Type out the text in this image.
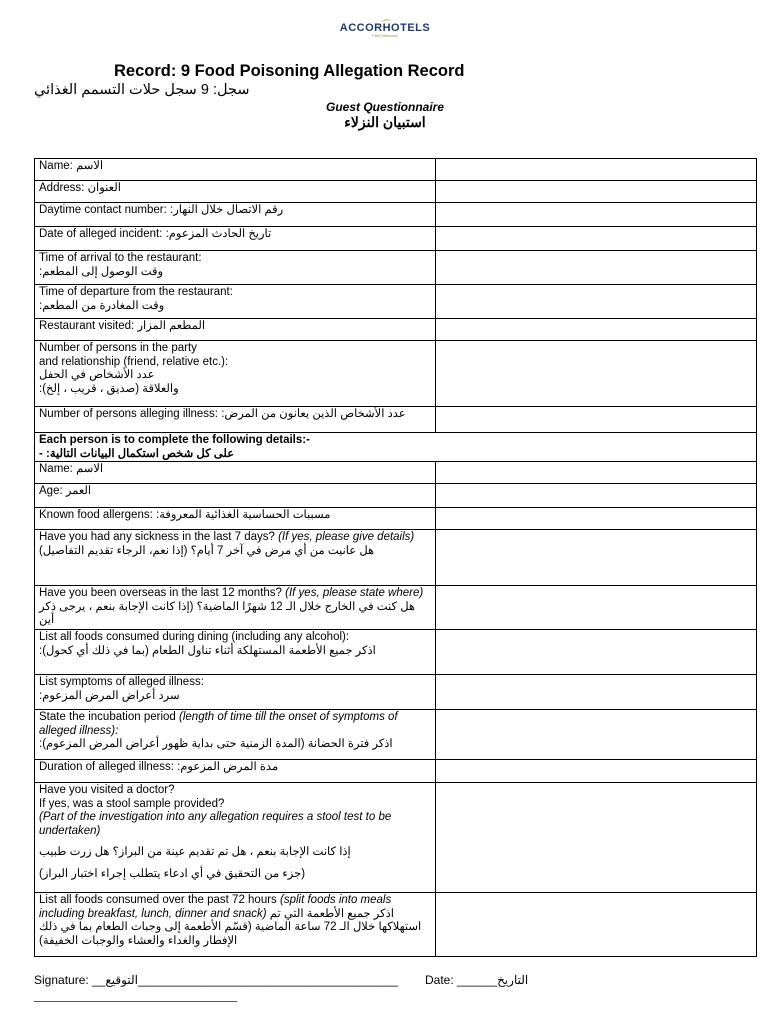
ACCORHOTELS
Feel Welcome
Record: 9 Food Poisoning Allegation Record
سجل: 9 سجل حلات التسمم الغذائي
Guest Questionnaire
استبيان النزلاء
Name: الاسم	
Address: العنوان	
Daytime contact number: رقم الاتصال خلال النهار:	
Date of alleged incident: تاريخ الحادث المزعوم:	

Time of arrival to the restaurant:
وقت الوصول إلى المطعم:	

Time of departure from the restaurant:
وقت المغادرة من المطعم:	

Restaurant visited: المطعم المزار	

Number of persons in the party
and relationship (friend, relative etc.):
عدد الأشخاص في الحفل
والعلاقة (صديق ، قريب ، إلخ):	

Number of persons alleging illness: عدد الأشخاص الذين يعانون من المرض:	

Each person is to complete the following details:-
على كل شخص استكمال البيانات التالية: -	

Name: الاسم	
Age: العمر	
Known food allergens: مسببات الحساسية الغذائية المعروفة:	
Have you had any sickness in the last 7 days? (If yes, please give details) هل عانيت من أي مرض في آخر 7 أيام؟ (إذا نعم، الرجاء تقديم التفاصيل)	
Have you been overseas in the last 12 months? (If yes, please state where) هل كنت في الخارج خلال الـ 12 شهرًا الماضية؟ (إذا كانت الإجابة بنعم ، يرجى ذكر أين	

List all foods consumed during dining (including any alcohol):
اذكر جميع الأطعمة المستهلكة أثناء تناول الطعام (بما في ذلك أي كحول):	

List symptoms of alleged illness:
سرد أعراض المرض المزعوم:	

State the incubation period (length of time till the onset of symptoms of alleged illness):
اذكر فترة الحضانة (المدة الزمنية حتى بداية ظهور أعراض المرض المزعوم):	

Duration of alleged illness: مدة المرض المزعوم:	

Have you visited a doctor?
If yes, was a stool sample provided?
(Part of the investigation into any allegation requires a stool test to be undertaken)
إذا كانت الإجابة بنعم ، هل تم تقديم عينة من البراز؟ هل زرت طبيب
(جزء من التحقيق في أي ادعاء يتطلب إجراء اختبار البراز)	

List all foods consumed over the past 72 hours (split foods into meals including breakfast, lunch, dinner and snack) اذكر جميع الأطعمة التي تم استهلاكها خلال الـ 72 ساعة الماضية (قسّم الأطعمة إلى وجبات الطعام بما في ذلك الإفطار والغداء والعشاء والوجبات الخفيفة)	
Signature: __التوقيع_______________________________________ Date: ______التاريخ
